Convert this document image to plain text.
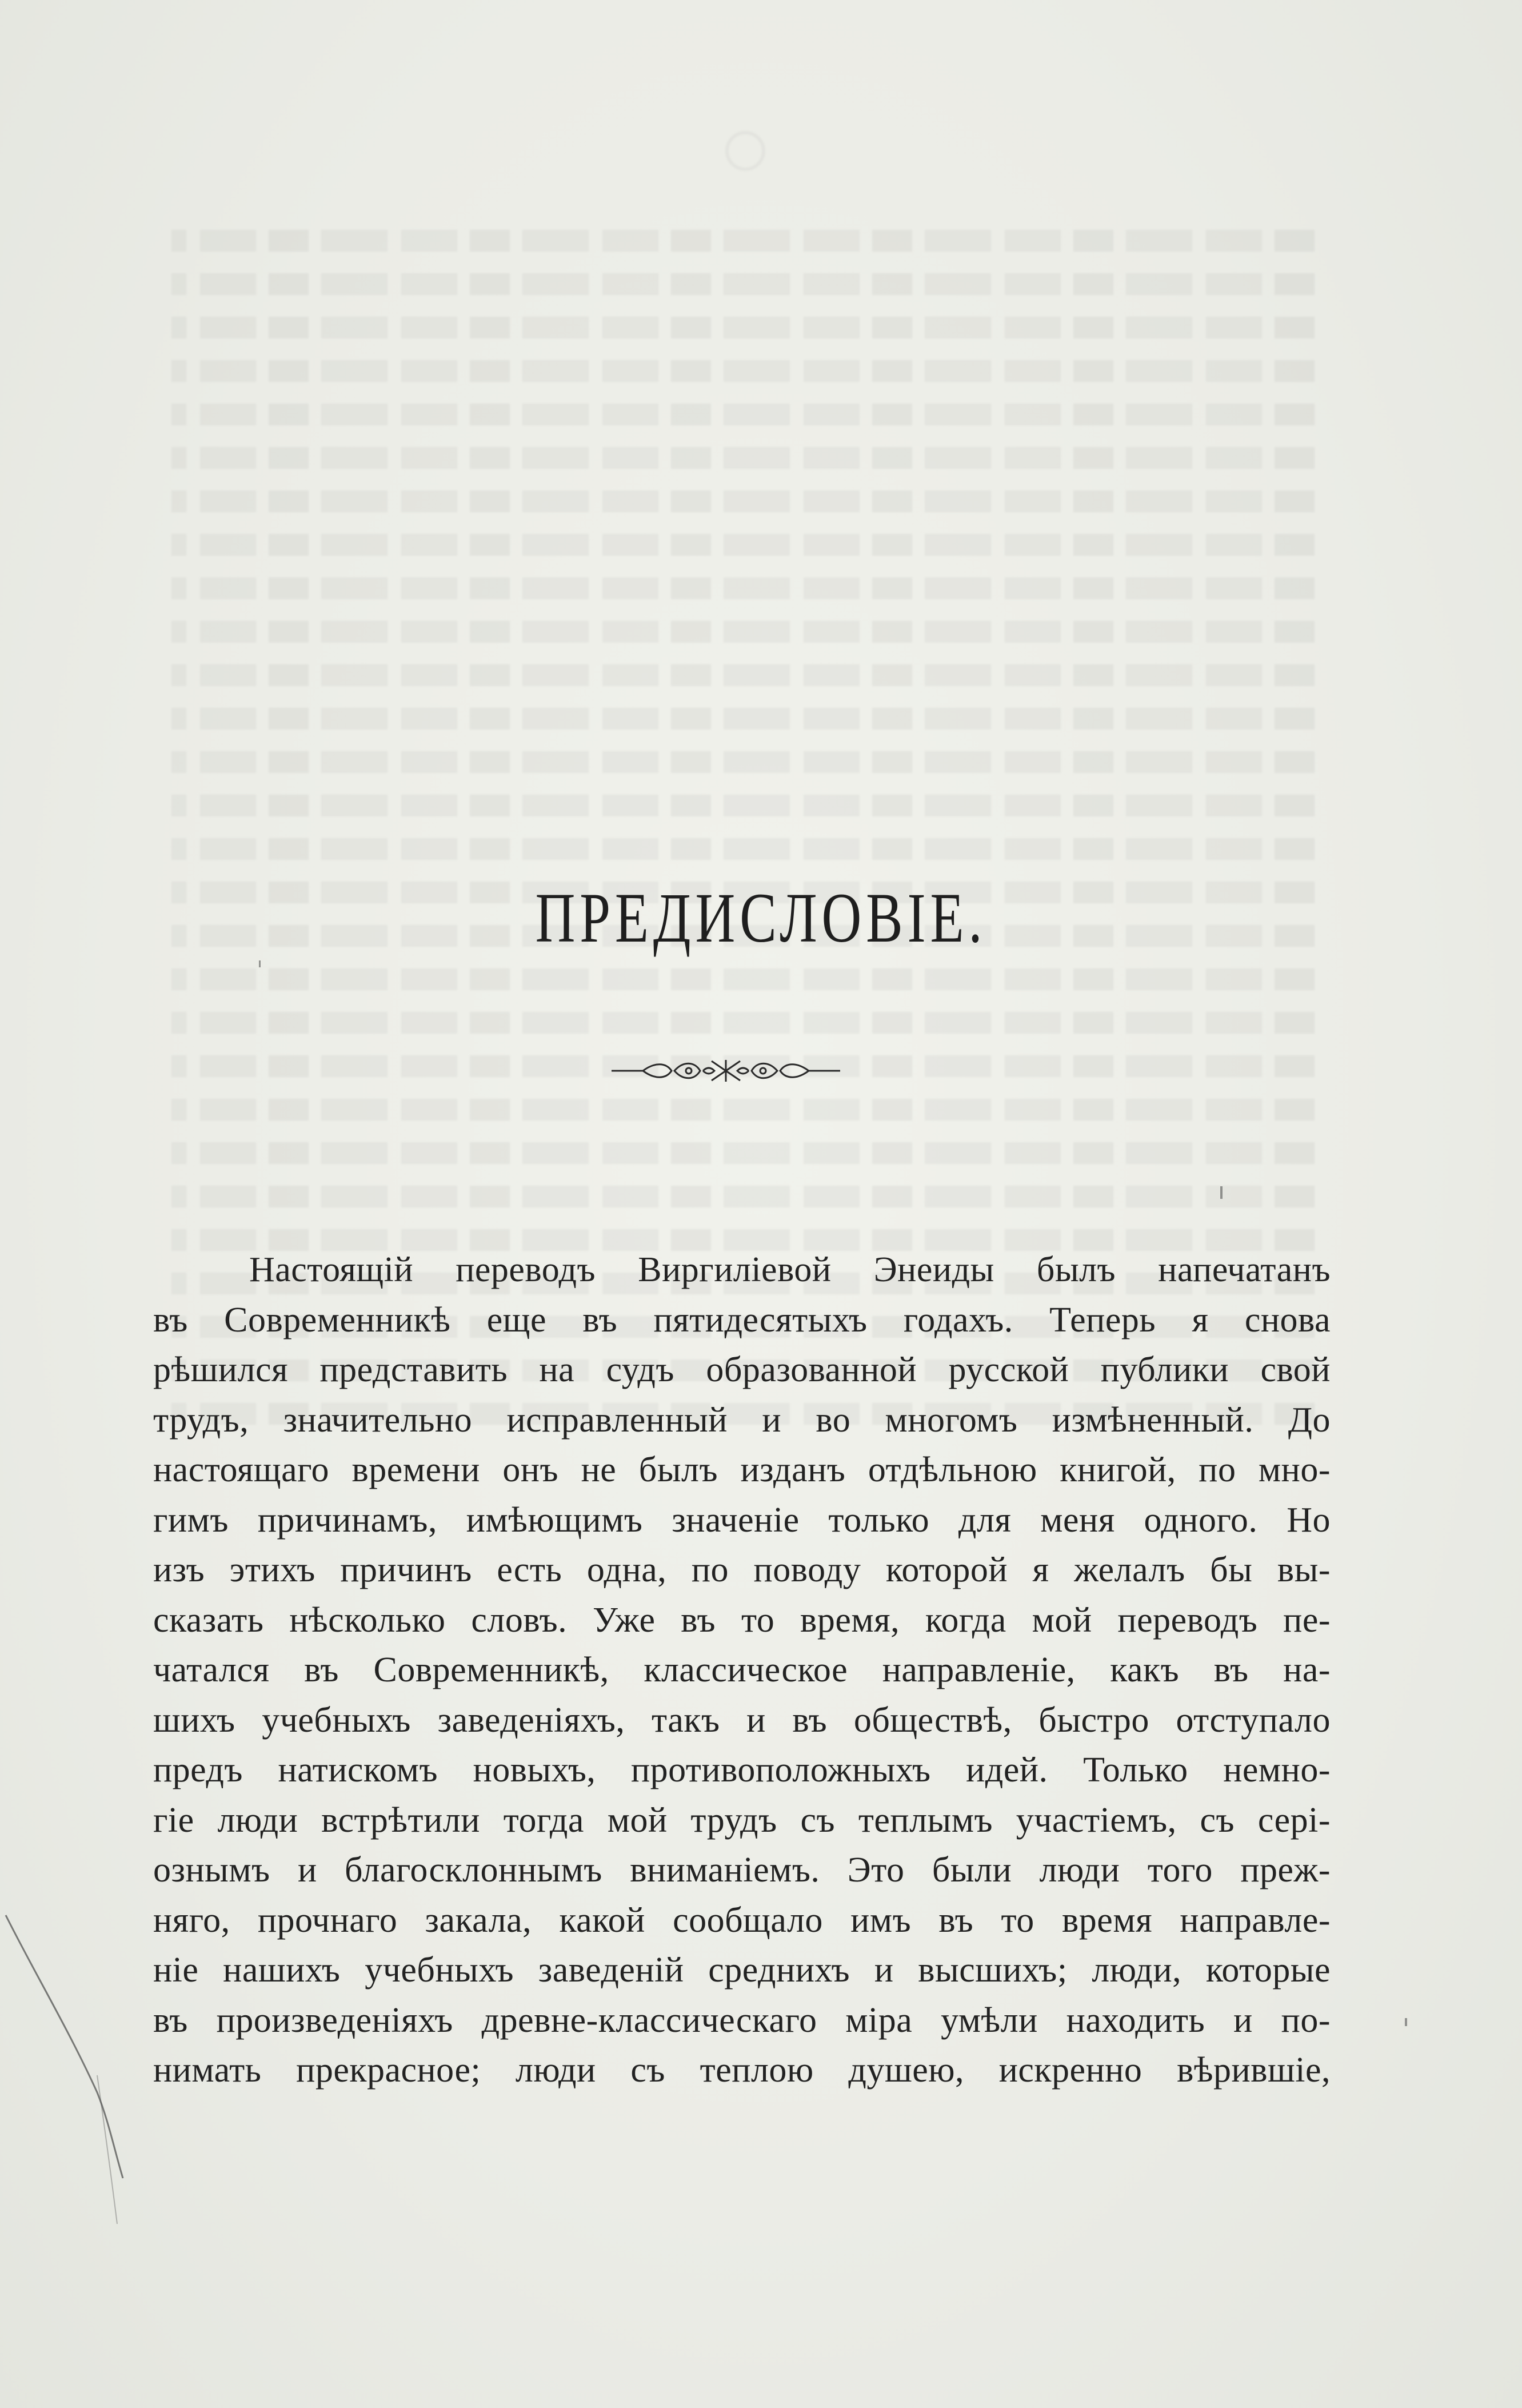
ПРЕДИСЛОВІЕ.
Настоящій переводъ Виргиліевой Энеиды былъ напечатанъ
въ Современникѣ еще въ пятидесятыхъ годахъ. Теперь я снова
рѣшился представить на судъ образованной русской публики свой
трудъ, значительно исправленный и во многомъ измѣненный. До
настоящаго времени онъ не былъ изданъ отдѣльною книгой, по мно-
гимъ причинамъ, имѣющимъ значеніе только для меня одного. Но
изъ этихъ причинъ есть одна, по поводу которой я желалъ бы вы-
сказать нѣсколько словъ. Уже въ то время, когда мой переводъ пе-
чатался въ Современникѣ, классическое направленіе, какъ въ на-
шихъ учебныхъ заведеніяхъ, такъ и въ обществѣ, быстро отступало
предъ натискомъ новыхъ, противоположныхъ идей. Только немно-
гіе люди встрѣтили тогда мой трудъ съ теплымъ участіемъ, съ серi-
ознымъ и благосклоннымъ вниманіемъ. Это были люди того преж-
няго, прочнаго закала, какой сообщало имъ въ то время направле-
ніе нашихъ учебныхъ заведеній среднихъ и высшихъ; люди, которые
въ произведеніяхъ древне-классическаго міра умѣли находить и по-
нимать прекрасное; люди съ теплою душею, искренно вѣрившіе,
